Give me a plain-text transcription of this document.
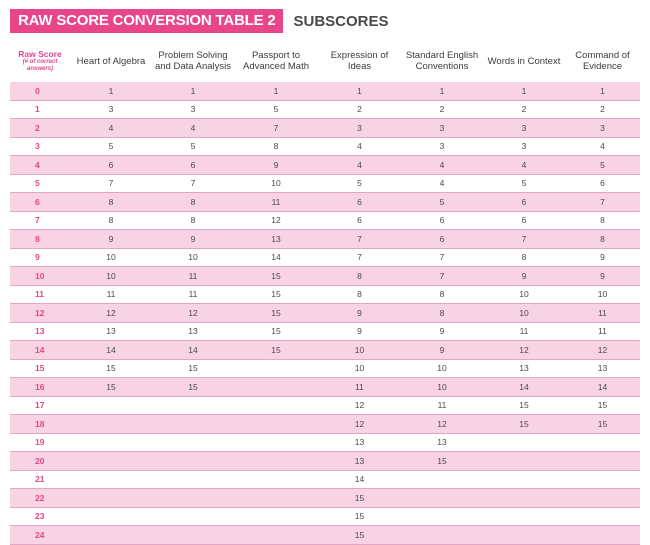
RAW SCORE CONVERSION TABLE 2	SUBSCORES
Raw Score
(# of correct answers)	Heart of Algebra	Problem Solving and Data Analysis	Passport to Advanced Math	Expression of Ideas	Standard English Conventions	Words in Context	Command of Evidence
0	1	1	1	1	1	1	1
1	3	3	5	2	2	2	2
2	4	4	7	3	3	3	3
3	5	5	8	4	3	3	4
4	6	6	9	4	4	4	5
5	7	7	10	5	4	5	6
6	8	8	11	6	5	6	7
7	8	8	12	6	6	6	8
8	9	9	13	7	6	7	8
9	10	10	14	7	7	8	9
10	10	11	15	8	7	9	9
11	11	11	15	8	8	10	10
12	12	12	15	9	8	10	11
13	13	13	15	9	9	11	11
14	14	14	15	10	9	12	12
15	15	15		10	10	13	13
16	15	15		11	10	14	14
17				12	11	15	15
18				12	12	15	15
19				13	13		
20				13	15		
21				14			
22				15			
23				15			
24				15			
